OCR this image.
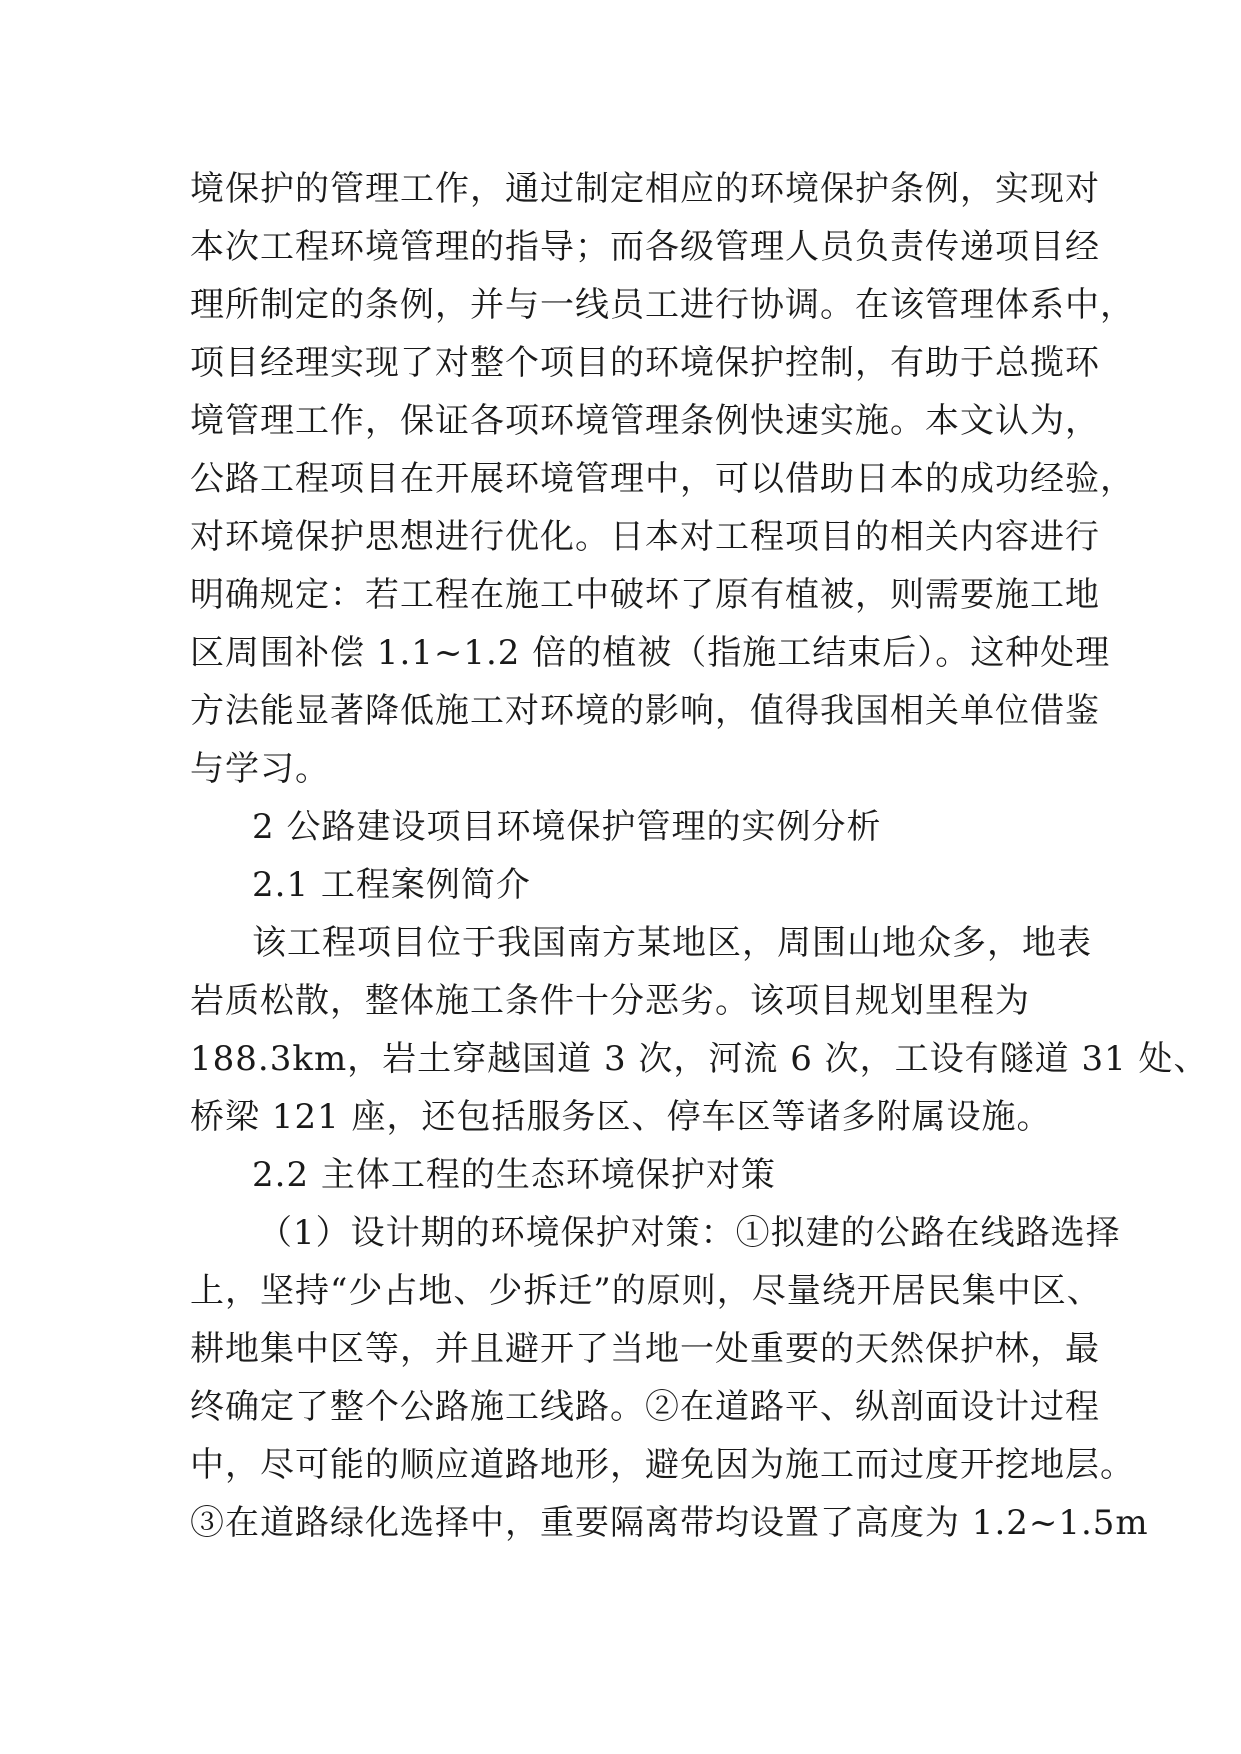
境保护的管理工作，通过制定相应的环境保护条例，实现对
本次工程环境管理的指导；而各级管理人员负责传递项目经
理所制定的条例，并与一线员工进行协调。在该管理体系中，
项目经理实现了对整个项目的环境保护控制，有助于总揽环
境管理工作，保证各项环境管理条例快速实施。本文认为，
公路工程项目在开展环境管理中，可以借助日本的成功经验，
对环境保护思想进行优化。日本对工程项目的相关内容进行
明确规定：若工程在施工中破坏了原有植被，则需要施工地
区周围补偿 1.1~1.2 倍的植被（指施工结束后）。这种处理
方法能显著降低施工对环境的影响，值得我国相关单位借鉴
与学习。
2 公路建设项目环境保护管理的实例分析
2.1 工程案例简介
该工程项目位于我国南方某地区，周围山地众多，地表
岩质松散，整体施工条件十分恶劣。该项目规划里程为
188.3km，岩土穿越国道 3 次，河流 6 次，工设有隧道 31 处、
桥梁 121 座，还包括服务区、停车区等诸多附属设施。
2.2 主体工程的生态环境保护对策
（1）设计期的环境保护对策：①拟建的公路在线路选择
上，坚持“少占地、少拆迁”的原则，尽量绕开居民集中区、
耕地集中区等，并且避开了当地一处重要的天然保护林，最
终确定了整个公路施工线路。②在道路平、纵剖面设计过程
中，尽可能的顺应道路地形，避免因为施工而过度开挖地层。
③在道路绿化选择中，重要隔离带均设置了高度为 1.2~1.5m
